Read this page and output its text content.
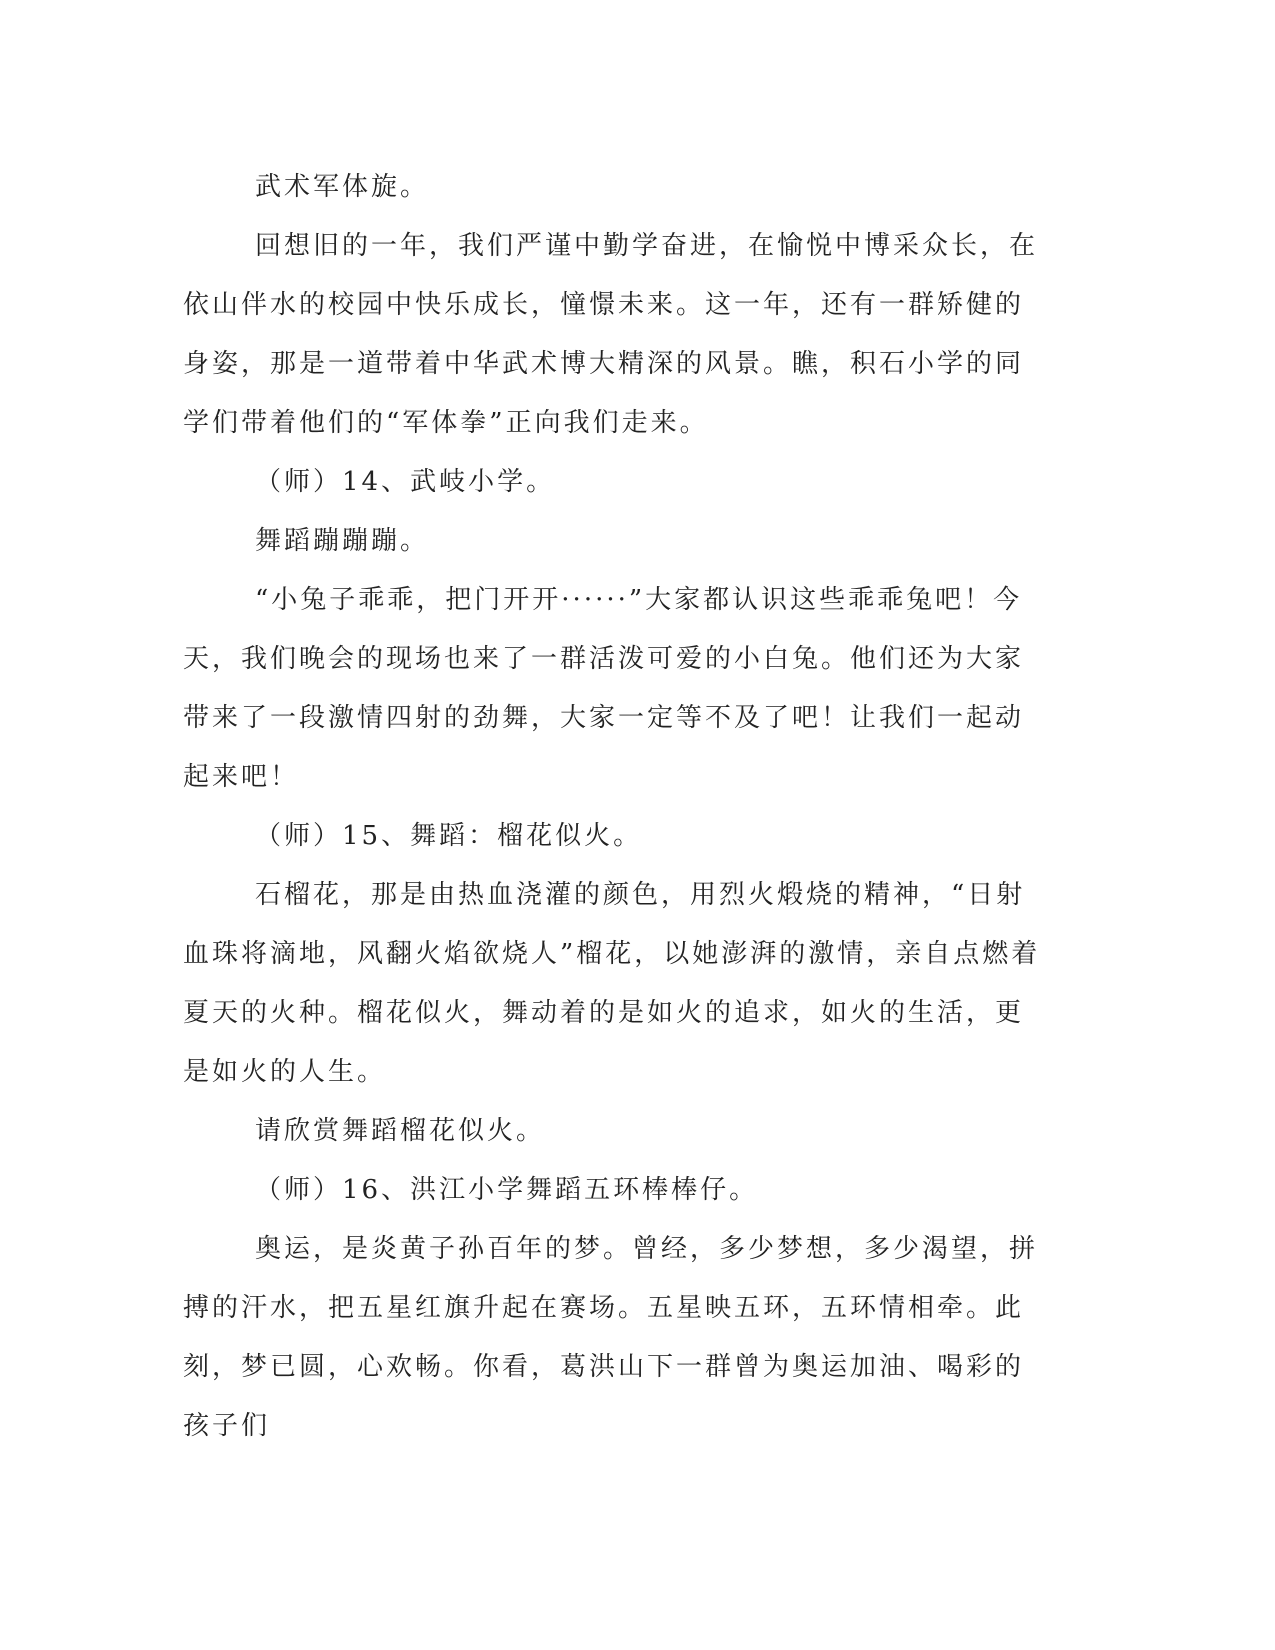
武术军体旋。

回想旧的一年，我们严谨中勤学奋进，在愉悦中博采众长，在依山伴水的校园中快乐成长，憧憬未来。这一年，还有一群矫健的身姿，那是一道带着中华武术博大精深的风景。瞧，积石小学的同学们带着他们的“军体拳”正向我们走来。

（师）14、武岐小学。

舞蹈蹦蹦蹦。

“小兔子乖乖，把门开开······”大家都认识这些乖乖兔吧！今天，我们晚会的现场也来了一群活泼可爱的小白兔。他们还为大家带来了一段激情四射的劲舞，大家一定等不及了吧！让我们一起动起来吧！

（师）15、舞蹈：榴花似火。

石榴花，那是由热血浇灌的颜色，用烈火煅烧的精神，“日射血珠将滴地，风翻火焰欲烧人”榴花，以她澎湃的激情，亲自点燃着夏天的火种。榴花似火，舞动着的是如火的追求，如火的生活，更是如火的人生。

请欣赏舞蹈榴花似火。

（师）16、洪江小学舞蹈五环棒棒仔。

奥运，是炎黄子孙百年的梦。曾经，多少梦想，多少渴望，拼搏的汗水，把五星红旗升起在赛场。五星映五环，五环情相牵。此刻，梦已圆，心欢畅。你看，葛洪山下一群曾为奥运加油、喝彩的孩子们
